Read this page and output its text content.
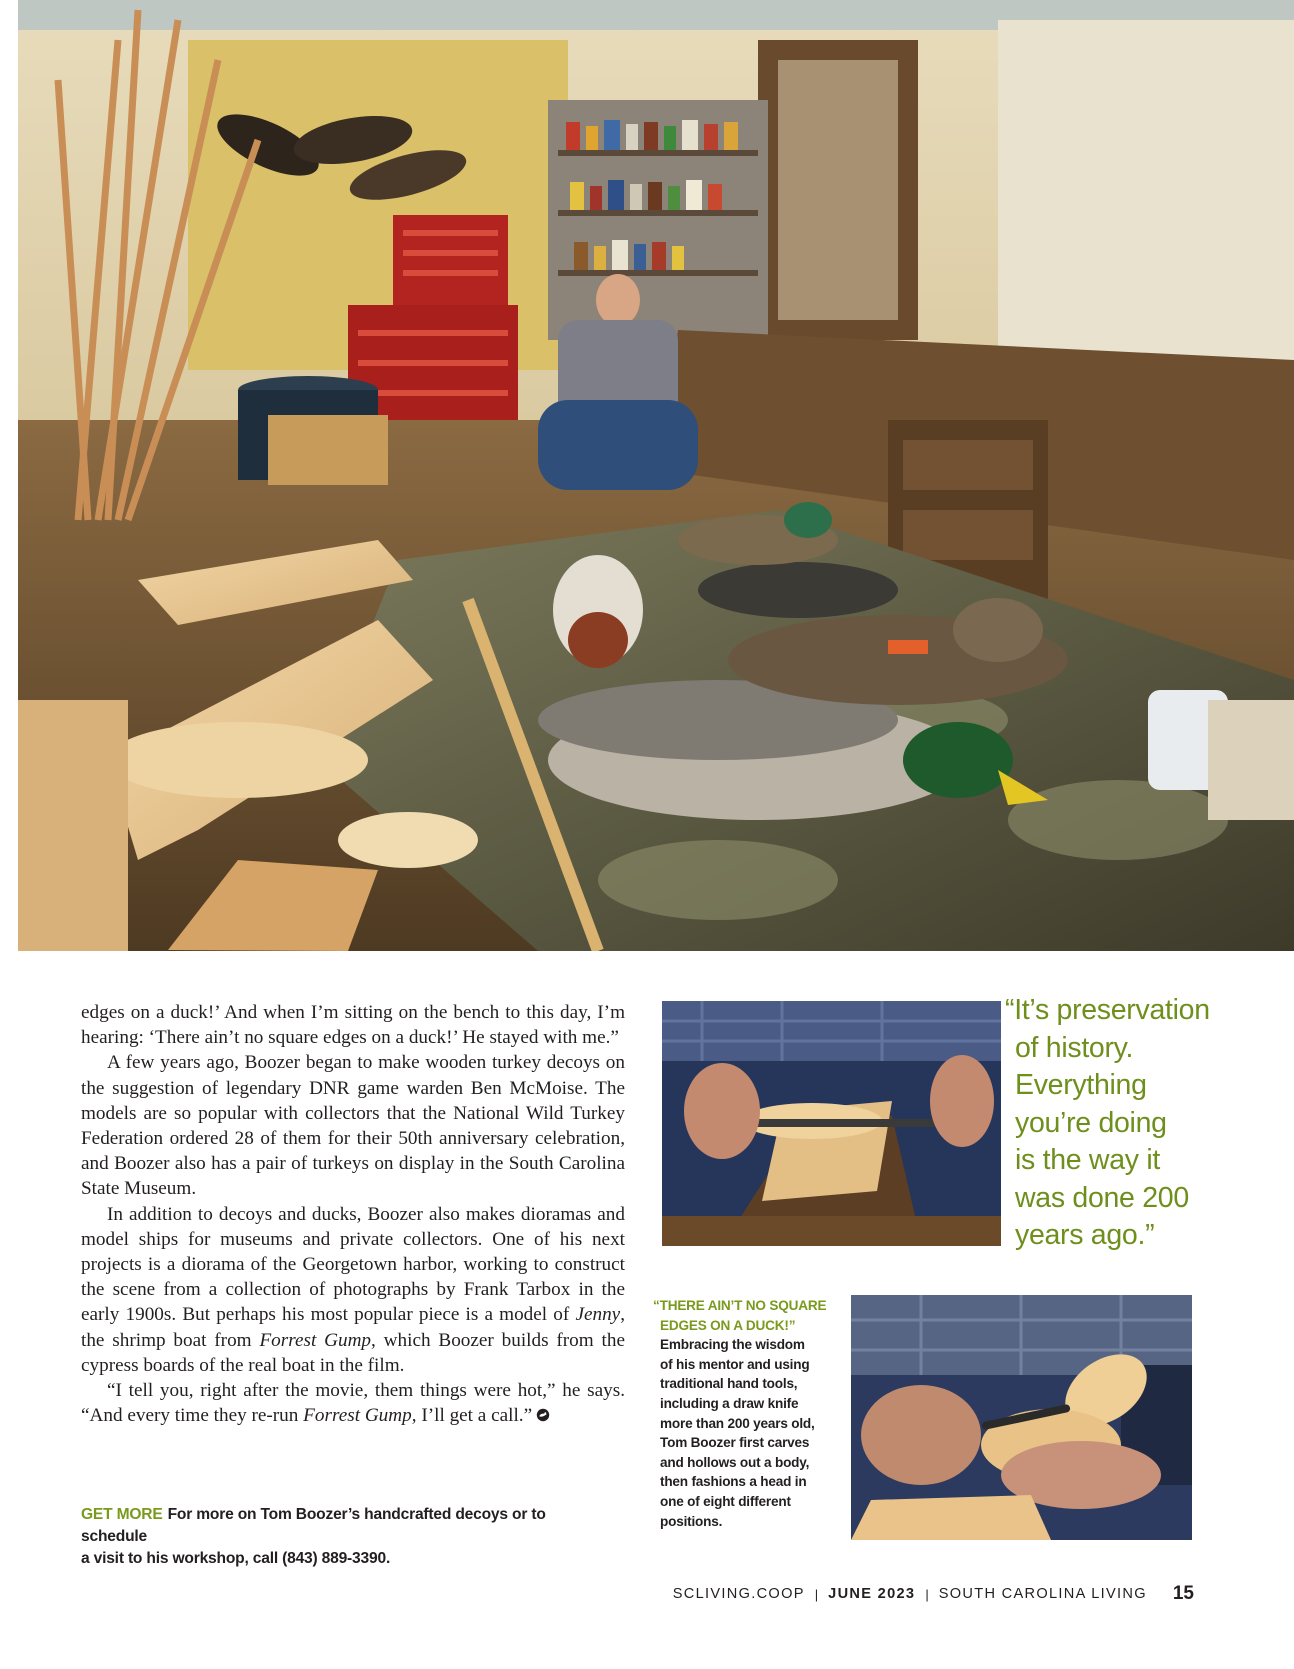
edges on a duck!’ And when I’m sitting on the bench to this day, I’m hearing: ‘There ain’t no square edges on a duck!’ He stayed with me.”

A few years ago, Boozer began to make wooden turkey decoys on the suggestion of legendary DNR game warden Ben McMoise. The models are so popular with collectors that the National Wild Turkey Federation ordered 28 of them for their 50th anniversary celebration, and Boozer also has a pair of turkeys on display in the South Carolina State Museum.

In addition to decoys and ducks, Boozer also makes dioramas and model ships for museums and private collectors. One of his next projects is a diorama of the Georgetown harbor, working to construct the scene from a collection of photographs by Frank Tarbox in the early 1900s. But perhaps his most popular piece is a model of Jenny, the shrimp boat from Forrest Gump, which Boozer builds from the cypress boards of the real boat in the film.

“I tell you, right after the movie, them things were hot,” he says. “And every time they re-run Forrest Gump, I’ll get a call.”

GET MORE For more on Tom Boozer’s handcrafted decoys or to schedule
a visit to his workshop, call (843) 889-3390.
“It’s preservation
of history.
Everything
you’re doing
is the way it
was done 200
years ago.”
“THERE AIN’T NO SQUARE
EDGES ON A DUCK!”
Embracing the wisdom
of his mentor and using
traditional hand tools,
including a draw knife
more than 200 years old,
Tom Boozer first carves
and hollows out a body,
then fashions a head in
one of eight different
positions.
SCLIVING.COOP | JUNE 2023 | SOUTH CAROLINA LIVING 15
